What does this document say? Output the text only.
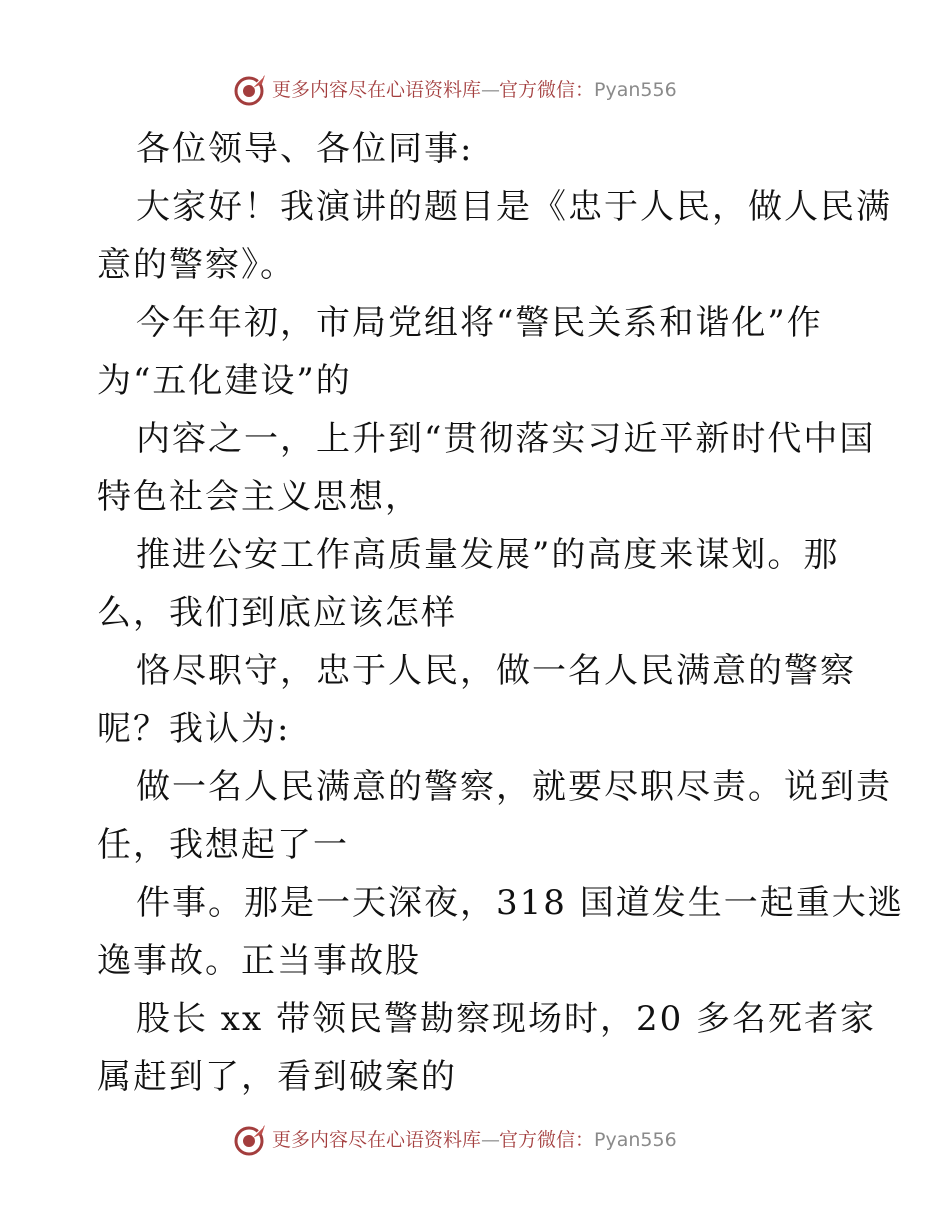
更多内容尽在心语资料库—官方微信：Pyan556
各位领导、各位同事:
大家好！我演讲的题目是《忠于人民，做人民满
意的警察》。
今年年初，市局党组将“警民关系和谐化”作
为“五化建设”的
内容之一，上升到“贯彻落实习近平新时代中国
特色社会主义思想，
推进公安工作高质量发展”的高度来谋划。那
么，我们到底应该怎样
恪尽职守，忠于人民，做一名人民满意的警察
呢？我认为:
做一名人民满意的警察，就要尽职尽责。说到责
任，我想起了一
件事。那是一天深夜，318 国道发生一起重大逃
逸事故。正当事故股
股长 xx 带领民警勘察现场时，20 多名死者家
属赶到了，看到破案的
更多内容尽在心语资料库—官方微信：Pyan556
